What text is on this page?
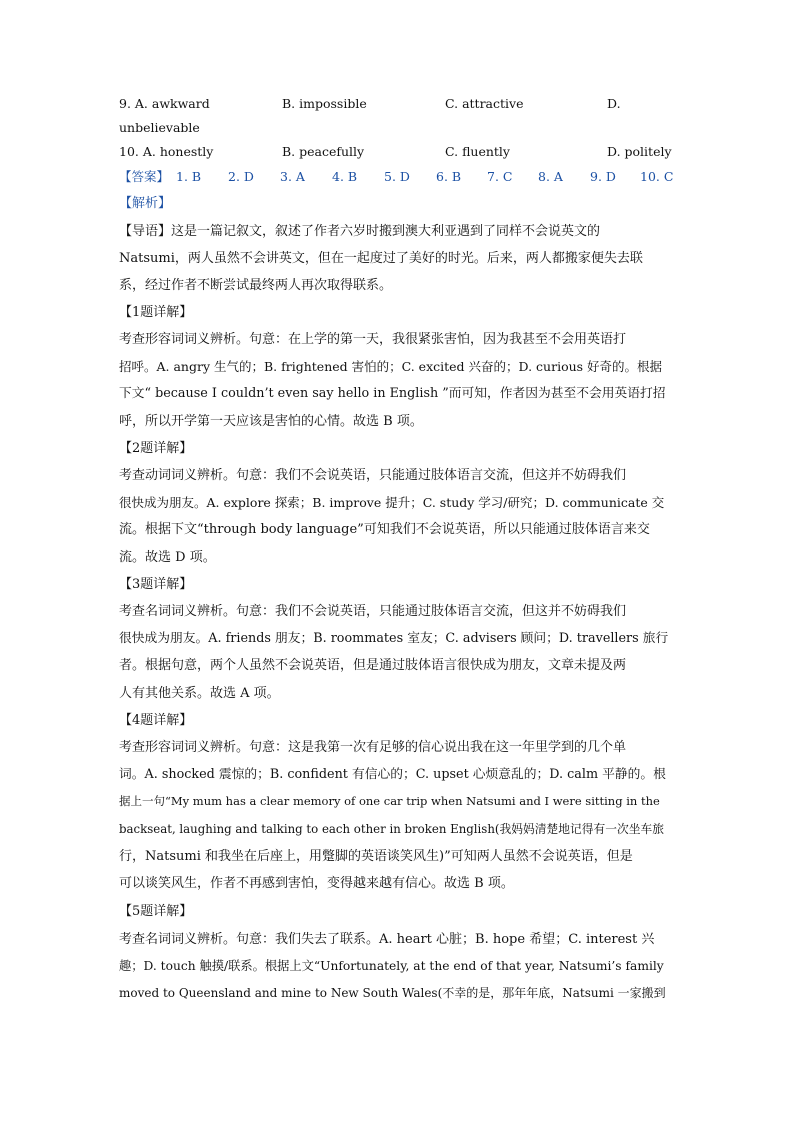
9. A. awkward	B. impossible	C. attractive	D.
unbelievable
10. A. honestly	B. peacefully	C. fluently	D. politely
【答案】 1. B 2. D 3. A 4. B 5. D 6. B 7. C 8. A 9. D 10. C
【解析】
【导语】这是一篇记叙文，叙述了作者六岁时搬到澳大利亚遇到了同样不会说英文的
Natsumi，两人虽然不会讲英文，但在一起度过了美好的时光。后来，两人都搬家便失去联
系，经过作者不断尝试最终两人再次取得联系。
【1题详解】
考查形容词词义辨析。句意：在上学的第一天，我很紧张害怕，因为我甚至不会用英语打
招呼。A. angry 生气的；B. frightened 害怕的；C. excited 兴奋的；D. curious 好奇的。根据
下文“ because I couldn’t even say hello in English ”而可知，作者因为甚至不会用英语打招
呼，所以开学第一天应该是害怕的心情。故选 B 项。
【2题详解】
考查动词词义辨析。句意：我们不会说英语，只能通过肢体语言交流，但这并不妨碍我们
很快成为朋友。A. explore 探索；B. improve 提升；C. study 学习/研究；D. communicate 交
流。根据下文“through body language”可知我们不会说英语，所以只能通过肢体语言来交
流。故选 D 项。
【3题详解】
考查名词词义辨析。句意：我们不会说英语，只能通过肢体语言交流，但这并不妨碍我们
很快成为朋友。A. friends 朋友；B. roommates 室友；C. advisers 顾问；D. travellers 旅行
者。根据句意，两个人虽然不会说英语，但是通过肢体语言很快成为朋友，文章未提及两
人有其他关系。故选 A 项。
【4题详解】
考查形容词词义辨析。句意：这是我第一次有足够的信心说出我在这一年里学到的几个单
词。A. shocked 震惊的；B. confident 有信心的；C. upset 心烦意乱的；D. calm 平静的。根
据上一句“My mum has a clear memory of one car trip when Natsumi and I were sitting in the
backseat, laughing and talking to each other in broken English(我妈妈清楚地记得有一次坐车旅
行，Natsumi 和我坐在后座上，用蹩脚的英语谈笑风生)”可知两人虽然不会说英语，但是
可以谈笑风生，作者不再感到害怕，变得越来越有信心。故选 B 项。
【5题详解】
考查名词词义辨析。句意：我们失去了联系。A. heart 心脏；B. hope 希望；C. interest 兴
趣；D. touch 触摸/联系。根据上文“Unfortunately, at the end of that year, Natsumi’s family
moved to Queensland and mine to New South Wales(不幸的是，那年年底，Natsumi 一家搬到
